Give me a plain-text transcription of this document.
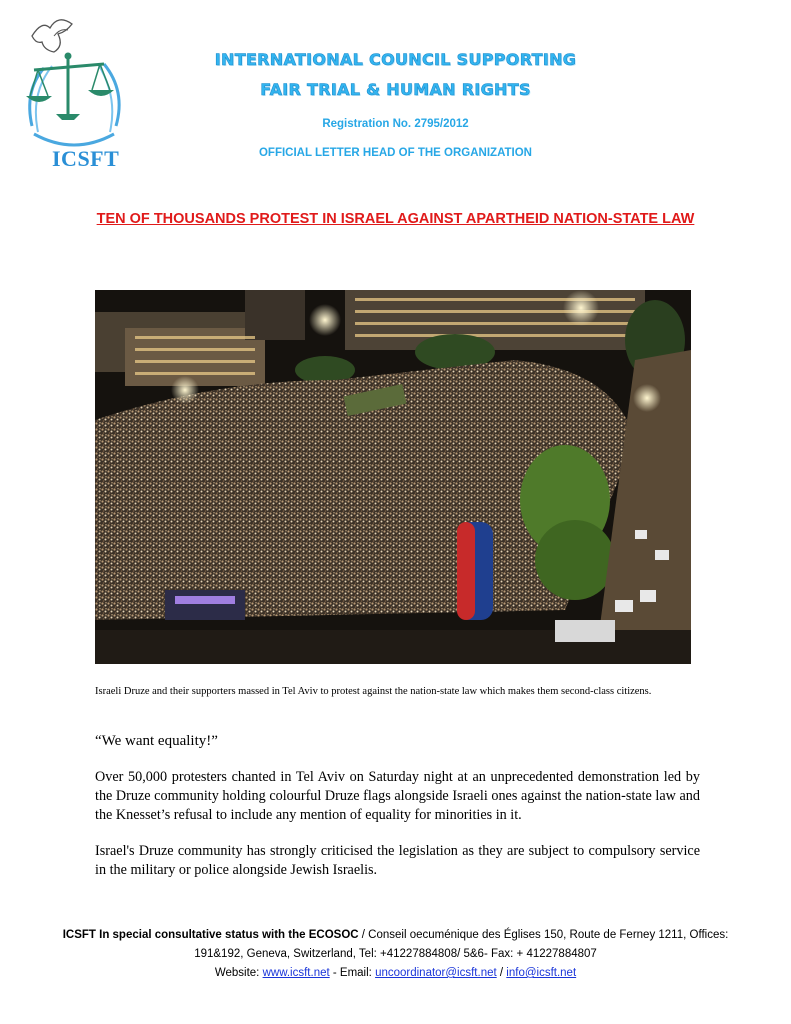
ICSFT
INTERNATIONAL COUNCIL SUPPORTING
FAIR TRIAL & HUMAN RIGHTS
Registration No. 2795/2012
OFFICIAL LETTER HEAD OF THE ORGANIZATION
TEN OF THOUSANDS PROTEST IN ISRAEL AGAINST APARTHEID NATION-STATE LAW
Israeli Druze and their supporters massed in Tel Aviv to protest against the nation-state law which makes them second-class citizens.
“We want equality!”
Over 50,000 protesters chanted in Tel Aviv on Saturday night at an unprecedented demonstration led by the Druze community holding colourful Druze flags alongside Israeli ones against the nation-state law and the Knesset’s refusal to include any mention of equality for minorities in it.
Israel's Druze community has strongly criticised the legislation as they are subject to compulsory service in the military or police alongside Jewish Israelis.
ICSFT In special consultative status with the ECOSOC / Conseil oecuménique des Églises 150, Route de Ferney 1211, Offices: 191&192, Geneva, Switzerland, Tel: +41227884808/ 5&6- Fax: + 41227884807
Website: www.icsft.net - Email: uncoordinator@icsft.net / info@icsft.net
